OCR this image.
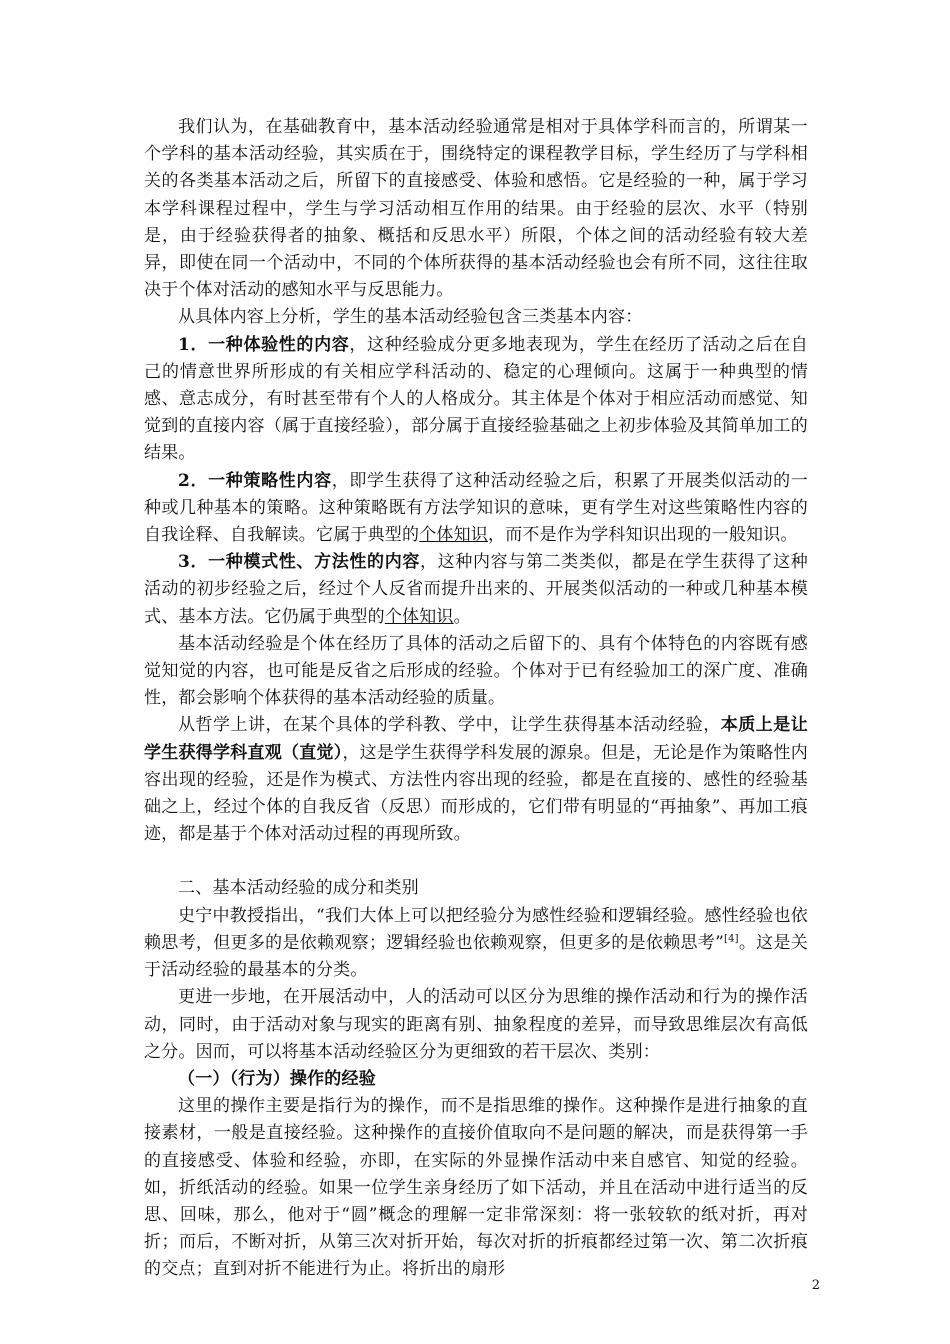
我们认为，在基础教育中，基本活动经验通常是相对于具体学科而言的，所谓某一个学科的基本活动经验，其实质在于，围绕特定的课程教学目标，学生经历了与学科相关的各类基本活动之后，所留下的直接感受、体验和感悟。它是经验的一种，属于学习本学科课程过程中，学生与学习活动相互作用的结果。由于经验的层次、水平（特别是，由于经验获得者的抽象、概括和反思水平）所限，个体之间的活动经验有较大差异，即使在同一个活动中，不同的个体所获得的基本活动经验也会有所不同，这往往取决于个体对活动的感知水平与反思能力。

从具体内容上分析，学生的基本活动经验包含三类基本内容：

1．一种体验性的内容，这种经验成分更多地表现为，学生在经历了活动之后在自己的情意世界所形成的有关相应学科活动的、稳定的心理倾向。这属于一种典型的情感、意志成分，有时甚至带有个人的人格成分。其主体是个体对于相应活动而感觉、知觉到的直接内容（属于直接经验），部分属于直接经验基础之上初步体验及其简单加工的结果。

2．一种策略性内容，即学生获得了这种活动经验之后，积累了开展类似活动的一种或几种基本的策略。这种策略既有方法学知识的意味，更有学生对这些策略性内容的自我诠释、自我解读。它属于典型的个体知识，而不是作为学科知识出现的一般知识。

3．一种模式性、方法性的内容，这种内容与第二类类似，都是在学生获得了这种活动的初步经验之后，经过个人反省而提升出来的、开展类似活动的一种或几种基本模式、基本方法。它仍属于典型的个体知识。

基本活动经验是个体在经历了具体的活动之后留下的、具有个体特色的内容既有感觉知觉的内容，也可能是反省之后形成的经验。个体对于已有经验加工的深广度、准确性，都会影响个体获得的基本活动经验的质量。

从哲学上讲，在某个具体的学科教、学中，让学生获得基本活动经验，本质上是让学生获得学科直观（直觉），这是学生获得学科发展的源泉。但是，无论是作为策略性内容出现的经验，还是作为模式、方法性内容出现的经验，都是在直接的、感性的经验基础之上，经过个体的自我反省（反思）而形成的，它们带有明显的“再抽象”、再加工痕迹，都是基于个体对活动过程的再现所致。

二、基本活动经验的成分和类别

史宁中教授指出，“我们大体上可以把经验分为感性经验和逻辑经验。感性经验也依赖思考，但更多的是依赖观察；逻辑经验也依赖观察，但更多的是依赖思考”[4]。这是关于活动经验的最基本的分类。

更进一步地，在开展活动中，人的活动可以区分为思维的操作活动和行为的操作活动，同时，由于活动对象与现实的距离有别、抽象程度的差异，而导致思维层次有高低之分。因而，可以将基本活动经验区分为更细致的若干层次、类别：

（一）（行为）操作的经验

这里的操作主要是指行为的操作，而不是指思维的操作。这种操作是进行抽象的直接素材，一般是直接经验。这种操作的直接价值取向不是问题的解决，而是获得第一手的直接感受、体验和经验，亦即，在实际的外显操作活动中来自感官、知觉的经验。如，折纸活动的经验。如果一位学生亲身经历了如下活动，并且在活动中进行适当的反思、回味，那么，他对于“圆”概念的理解一定非常深刻：将一张较软的纸对折，再对折；而后，不断对折，从第三次对折开始，每次对折的折痕都经过第一次、第二次折痕的交点；直到对折不能进行为止。将折出的扇形

2
